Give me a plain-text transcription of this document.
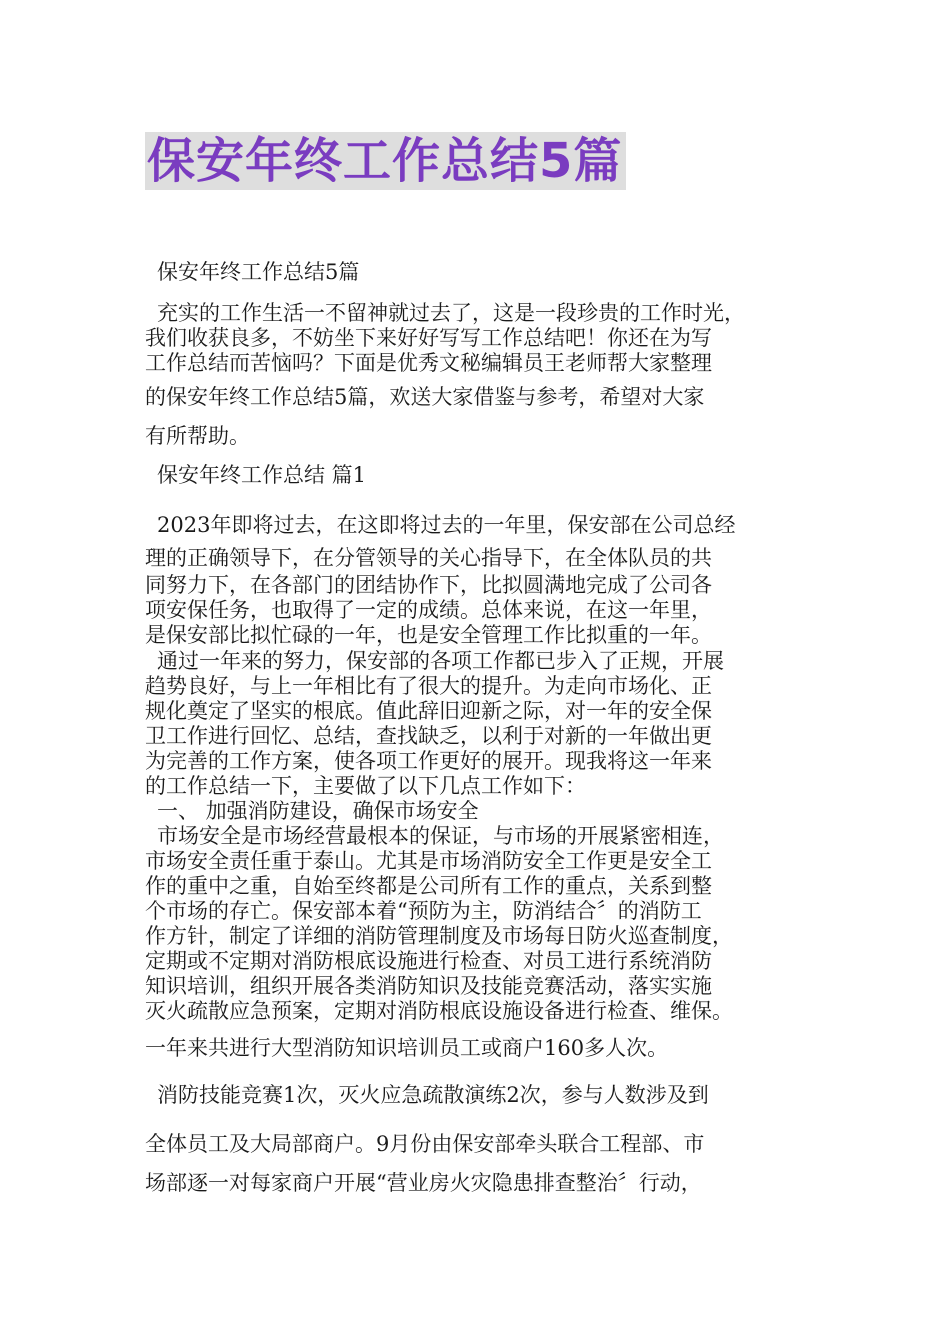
保安年终工作总结5篇
保安年终工作总结5篇
充实的工作生活一不留神就过去了，这是一段珍贵的工作时光，
我们收获良多，不妨坐下来好好写写工作总结吧！你还在为写
工作总结而苦恼吗？下面是优秀文秘编辑员王老师帮大家整理
的保安年终工作总结5篇，欢送大家借鉴与参考，希望对大家
有所帮助。
保安年终工作总结 篇1
2023年即将过去，在这即将过去的一年里，保安部在公司总经
理的正确领导下，在分管领导的关心指导下，在全体队员的共
同努力下，在各部门的团结协作下，比拟圆满地完成了公司各
项安保任务，也取得了一定的成绩。总体来说，在这一年里，
是保安部比拟忙碌的一年，也是安全管理工作比拟重的一年。
通过一年来的努力，保安部的各项工作都已步入了正规，开展
趋势良好，与上一年相比有了很大的提升。为走向市场化、正
规化奠定了坚实的根底。值此辞旧迎新之际，对一年的安全保
卫工作进行回忆、总结，查找缺乏，以利于对新的一年做出更
为完善的工作方案，使各项工作更好的展开。现我将这一年来
的工作总结一下，主要做了以下几点工作如下：
一、 加强消防建设，确保市场安全
市场安全是市场经营最根本的保证，与市场的开展紧密相连，
市场安全责任重于泰山。尤其是市场消防安全工作更是安全工
作的重中之重，自始至终都是公司所有工作的重点，关系到整
个市场的存亡。保安部本着“预防为主，防消结合〞的消防工
作方针，制定了详细的消防管理制度及市场每日防火巡查制度，
定期或不定期对消防根底设施进行检查、对员工进行系统消防
知识培训，组织开展各类消防知识及技能竞赛活动，落实实施
灭火疏散应急预案，定期对消防根底设施设备进行检查、维保。
一年来共进行大型消防知识培训员工或商户160多人次。
消防技能竞赛1次，灭火应急疏散演练2次，参与人数涉及到
全体员工及大局部商户。9月份由保安部牵头联合工程部、市
场部逐一对每家商户开展“营业房火灾隐患排查整治〞行动，
